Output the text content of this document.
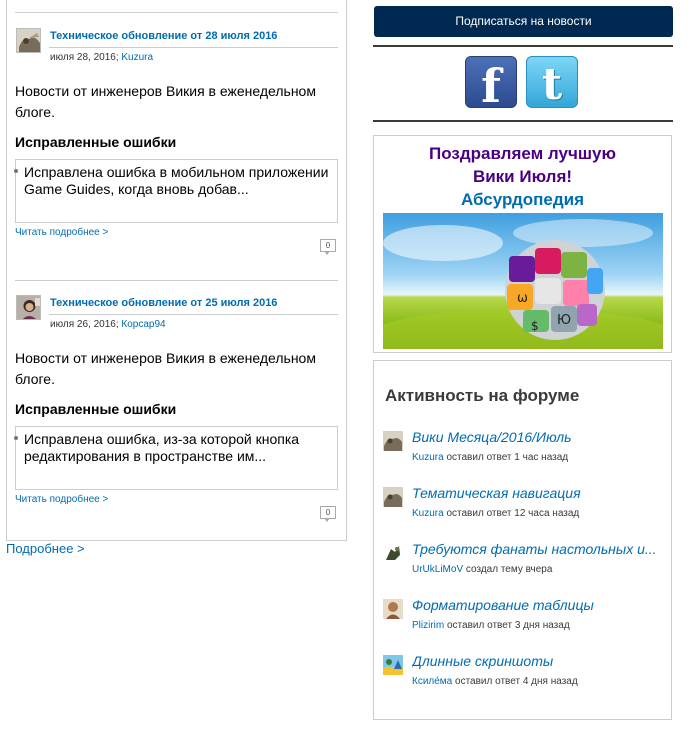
Техническое обновление от 28 июля 2016
июля 28, 2016; Kuzura
Новости от инженеров Викия в еженедельном блоге.
Исправленные ошибки
Исправлена ошибка в мобильном приложении Game Guides, когда вновь добав...
Читать подробнее >
0
Техническое обновление от 25 июля 2016
июля 26, 2016; Корсар94
Новости от инженеров Викия в еженедельном блоге.
Исправленные ошибки
Исправлена ошибка, из-за которой кнопка редактирования в пространстве им...
Читать подробнее >
0
Подробнее >
Подписаться на новости
f t
Поздравляем лучшую
Вики Июля!
Абсурдопедия
ω
Ю
$
Активность на форуме
Вики Месяца/2016/Июль
Kuzura оставил ответ 1 час назад
Тематическая навигация
Kuzura оставил ответ 12 часа назад
Требуются фанаты настольных и...
UrUkLiMoV создал тему вчера
Форматирование таблицы
Plizirim оставил ответ 3 дня назад
Длинные скриншоты
Ксиле́ма оставил ответ 4 дня назад
